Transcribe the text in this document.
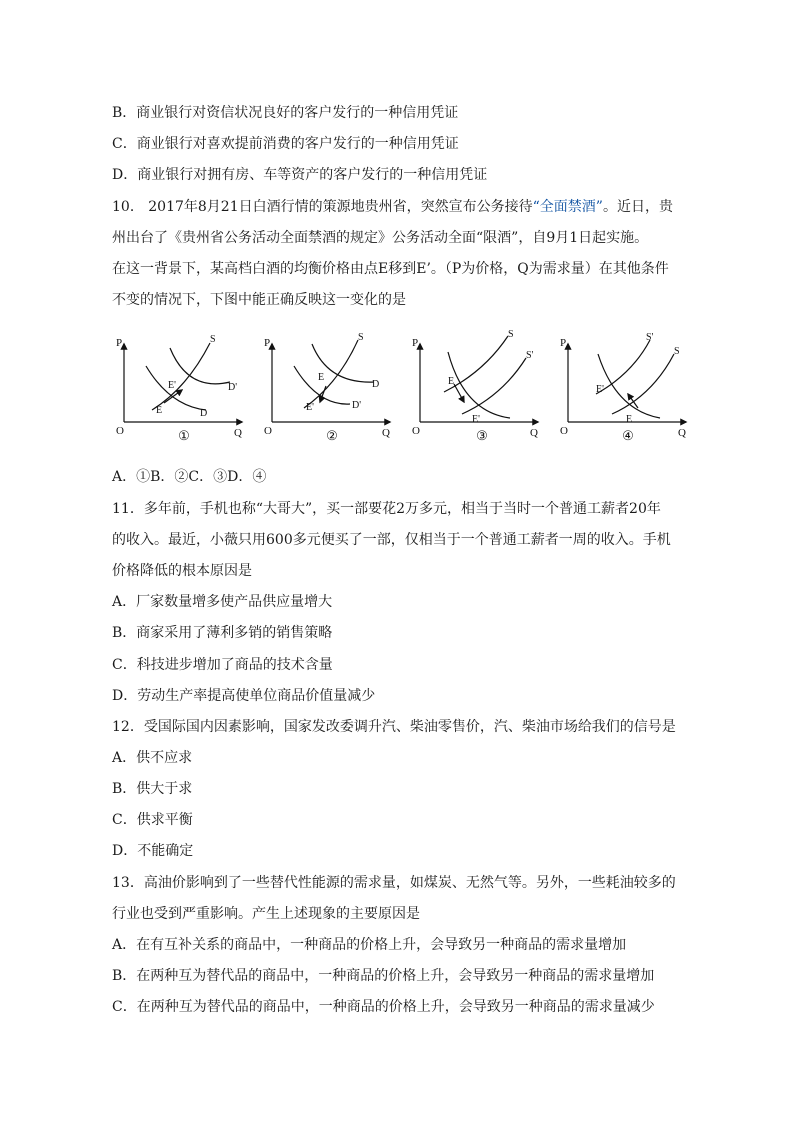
B．商业银行对资信状况良好的客户发行的一种信用凭证
C．商业银行对喜欢提前消费的客户发行的一种信用凭证
D．商业银行对拥有房、车等资产的客户发行的一种信用凭证
10． 2017年8月21日白酒行情的策源地贵州省，突然宣布公务接待“全面禁酒”。近日，贵
州出台了《贵州省公务活动全面禁酒的规定》公务活动全面“限酒”，自9月1日起实施。
在这一背景下，某高档白酒的均衡价格由点E移到E’。（P为价格，Q为需求量）在其他条件
不变的情况下，下图中能正确反映这一变化的是
P
O	Q
S
D'
D
E
E'
①
P
O	Q
S
D
D'
E
E'
②
P
O	Q
S
S'
E
E'
③
P
O	Q
S'
S
E'
E
④
A．①B．②C．③D．④
11．多年前，手机也称“大哥大”，买一部要花2万多元，相当于当时一个普通工薪者20年
的收入。最近，小薇只用600多元便买了一部，仅相当于一个普通工薪者一周的收入。手机
价格降低的根本原因是
A．厂家数量增多使产品供应量增大
B．商家采用了薄利多销的销售策略
C．科技进步增加了商品的技术含量
D．劳动生产率提高使单位商品价值量减少
12．受国际国内因素影响，国家发改委调升汽、柴油零售价，汽、柴油市场给我们的信号是
A．供不应求
B．供大于求
C．供求平衡
D．不能确定
13．高油价影响到了一些替代性能源的需求量，如煤炭、无然气等。另外，一些耗油较多的
行业也受到严重影响。产生上述现象的主要原因是
A．在有互补关系的商品中，一种商品的价格上升，会导致另一种商品的需求量增加
B．在两种互为替代品的商品中，一种商品的价格上升，会导致另一种商品的需求量增加
C．在两种互为替代品的商品中，一种商品的价格上升，会导致另一种商品的需求量减少
